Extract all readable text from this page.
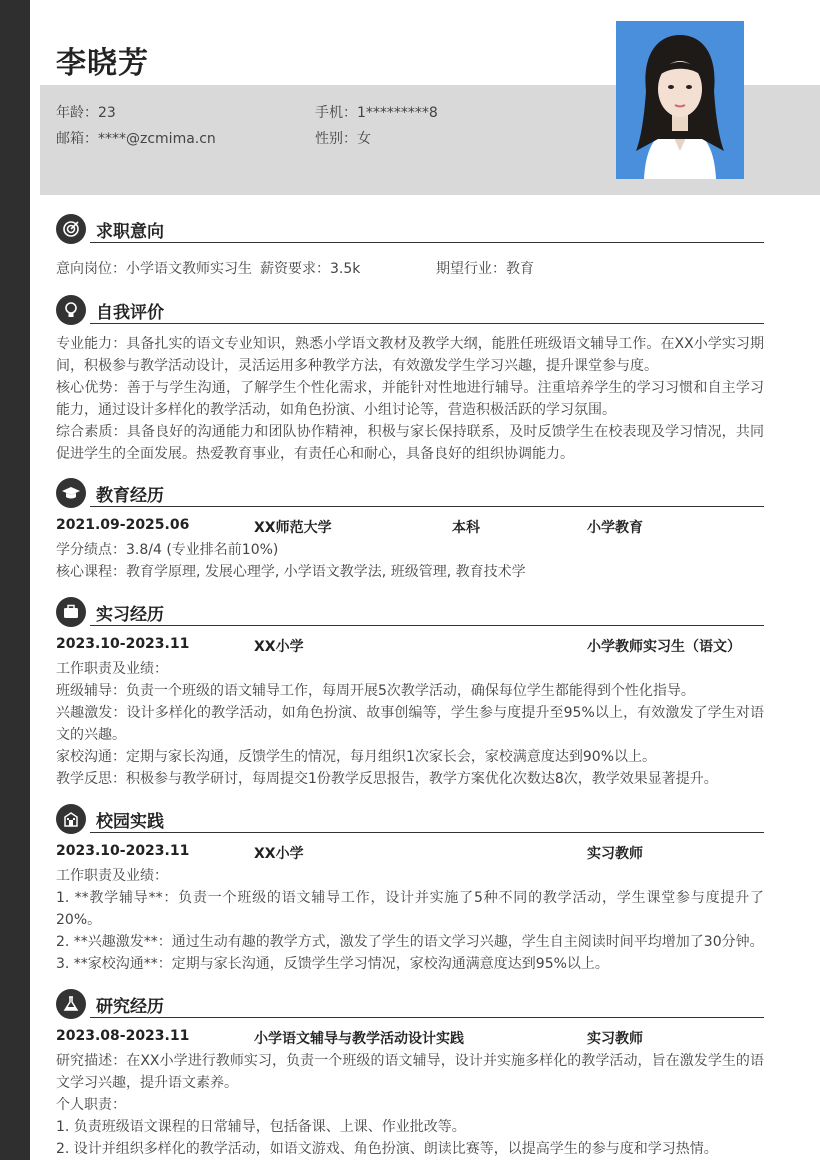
李晓芳
年龄：23	手机：1*********8
邮箱：****@zcmima.cn	性别：女
求职意向
意向岗位：小学语文教师实习生 薪资要求：3.5k	期望行业：教育
自我评价

专业能力：具备扎实的语文专业知识，熟悉小学语文教材及教学大纲，能胜任班级语文辅导工作。在XX小学实习期间，积极参与教学活动设计，灵活运用多种教学方法，有效激发学生学习兴趣，提升课堂参与度。

核心优势：善于与学生沟通，了解学生个性化需求，并能针对性地进行辅导。注重培养学生的学习习惯和自主学习能力，通过设计多样化的教学活动，如角色扮演、小组讨论等，营造积极活跃的学习氛围。

综合素质：具备良好的沟通能力和团队协作精神，积极与家长保持联系，及时反馈学生在校表现及学习情况，共同促进学生的全面发展。热爱教育事业，有责任心和耐心，具备良好的组织协调能力。

教育经历
2021.09-2025.06	XX师范大学	本科	小学教育
学分绩点：3.8/4 (专业排名前10%)
核心课程：教育学原理, 发展心理学, 小学语文教学法, 班级管理, 教育技术学
实习经历
2023.10-2023.11	XX小学	小学教师实习生（语文）
工作职责及业绩：
班级辅导：负责一个班级的语文辅导工作，每周开展5次教学活动，确保每位学生都能得到个性化指导。
兴趣激发：设计多样化的教学活动，如角色扮演、故事创编等，学生参与度提升至95%以上，有效激发了学生对语文的兴趣。
家校沟通：定期与家长沟通，反馈学生的情况，每月组织1次家长会，家校满意度达到90%以上。
教学反思：积极参与教学研讨，每周提交1份教学反思报告，教学方案优化次数达8次，教学效果显著提升。
校园实践
2023.10-2023.11	XX小学	实习教师
工作职责及业绩：
1. **教学辅导**：负责一个班级的语文辅导工作，设计并实施了5种不同的教学活动，学生课堂参与度提升了20%。
2. **兴趣激发**：通过生动有趣的教学方式，激发了学生的语文学习兴趣，学生自主阅读时间平均增加了30分钟。
3. **家校沟通**：定期与家长沟通，反馈学生学习情况，家校沟通满意度达到95%以上。
研究经历
2023.08-2023.11	小学语文辅导与教学活动设计实践	实习教师
研究描述：在XX小学进行教师实习，负责一个班级的语文辅导，设计并实施多样化的教学活动，旨在激发学生的语文学习兴趣，提升语文素养。
个人职责：
1. 负责班级语文课程的日常辅导，包括备课、上课、作业批改等。
2. 设计并组织多样化的教学活动，如语文游戏、角色扮演、朗读比赛等，以提高学生的参与度和学习热情。
